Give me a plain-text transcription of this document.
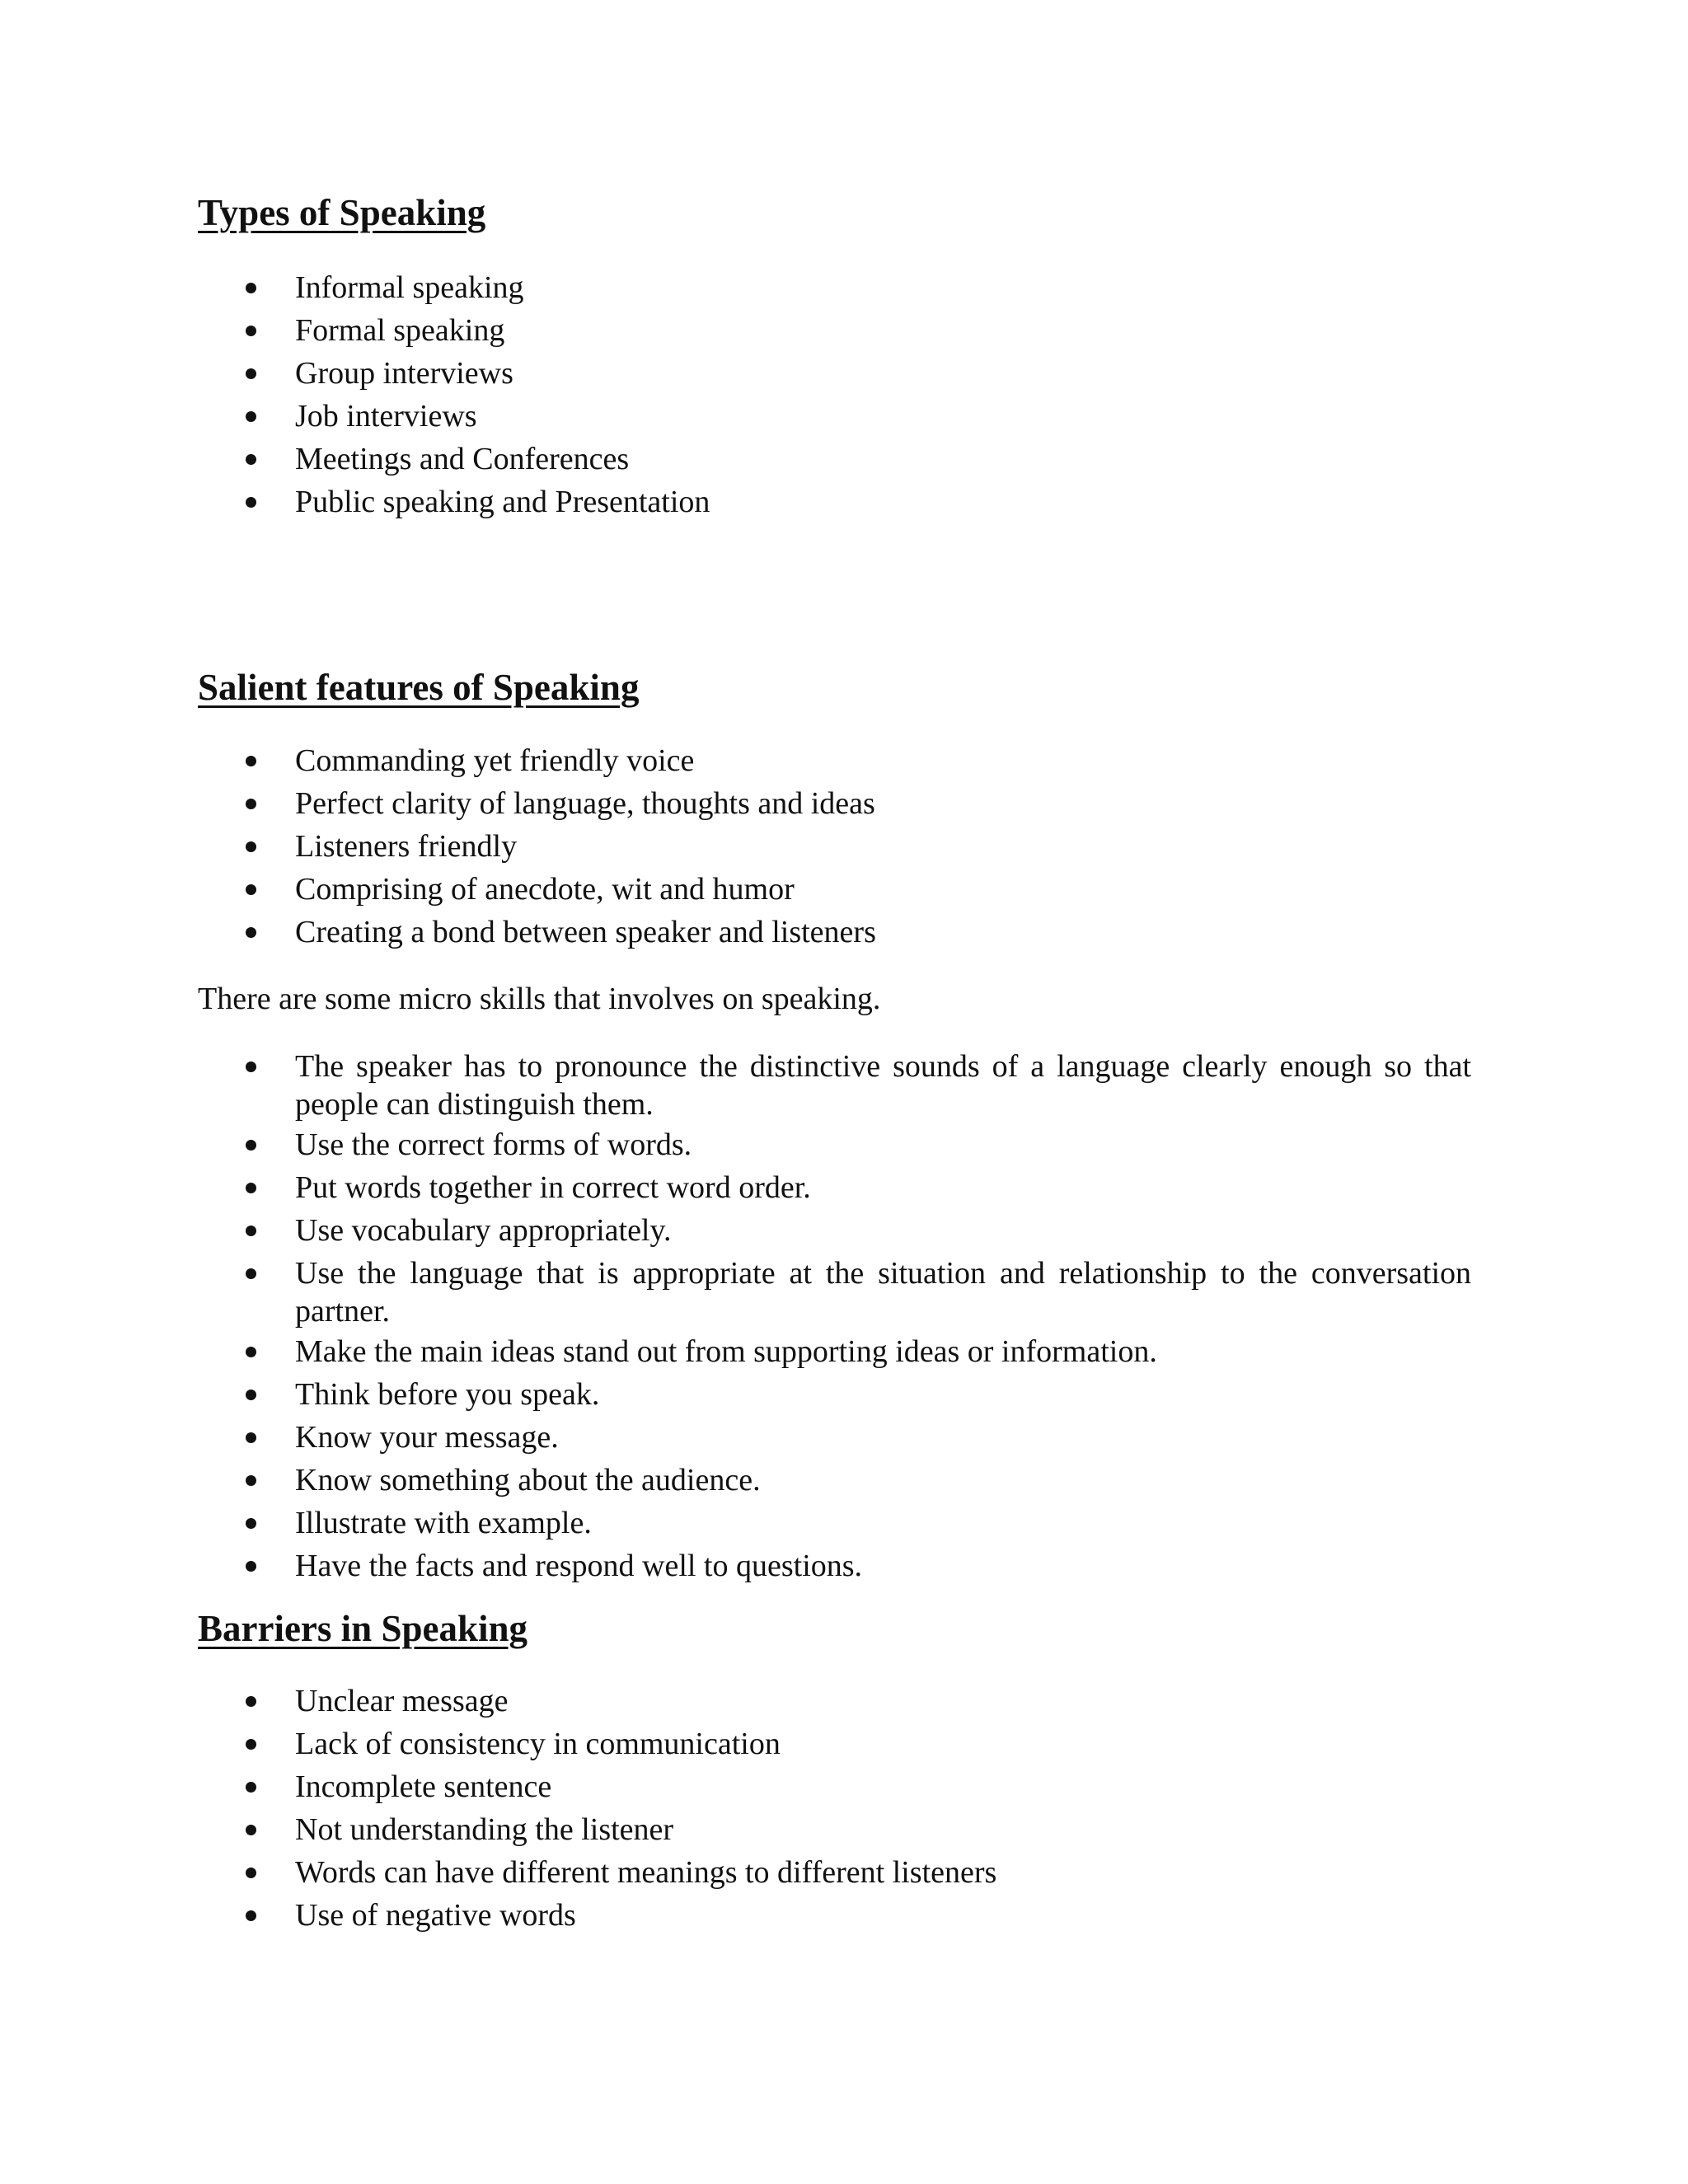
Types of Speaking
Informal speaking
Formal speaking
Group interviews
Job interviews
Meetings and Conferences
Public speaking and Presentation
Salient features of Speaking
Commanding yet friendly voice
Perfect clarity of language, thoughts and ideas
Listeners friendly
Comprising of anecdote, wit and humor
Creating a bond between speaker and listeners

There are some micro skills that involves on speaking.

The speaker has to pronounce the distinctive sounds of a language clearly enough so that people can distinguish them.
Use the correct forms of words.
Put words together in correct word order.
Use vocabulary appropriately.
Use the language that is appropriate at the situation and relationship to the conversation partner.
Make the main ideas stand out from supporting ideas or information.
Think before you speak.
Know your message.
Know something about the audience.
Illustrate with example.
Have the facts and respond well to questions.
Barriers in Speaking
Unclear message
Lack of consistency in communication
Incomplete sentence
Not understanding the listener
Words can have different meanings to different listeners
Use of negative words
